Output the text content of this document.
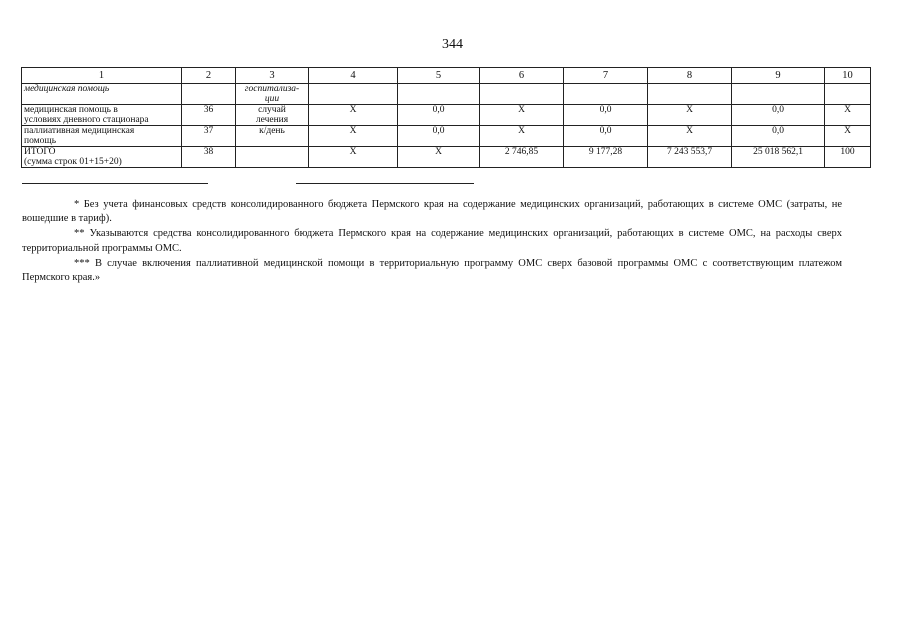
344
1	2	3	4	5	6	7	8	9	10

медицинская помощь		госпитализа-
ции							

медицинская помощь в
условиях дневного стационара	36	случай
лечения	Х	0,0	Х	0,0	Х	0,0	Х

паллиативная медицинская
помощь	37	к/день	Х	0,0	Х	0,0	Х	0,0	Х

ИТОГО
(сумма строк 01+15+20)	38		Х	Х	2 746,85	9 177,28	7 243 553,7	25 018 562,1	100

* Без учета финансовых средств консолидированного бюджета Пермского края на содержание медицинских организаций, работающих в системе ОМС (затраты, не вошедшие в тариф).

** Указываются средства консолидированного бюджета Пермского края на содержание медицинских организаций, работающих в системе ОМС, на расходы сверх территориальной программы ОМС.

*** В случае включения паллиативной медицинской помощи в территориальную программу ОМС сверх базовой программы ОМС с соответствующим платежом Пермского края.»
